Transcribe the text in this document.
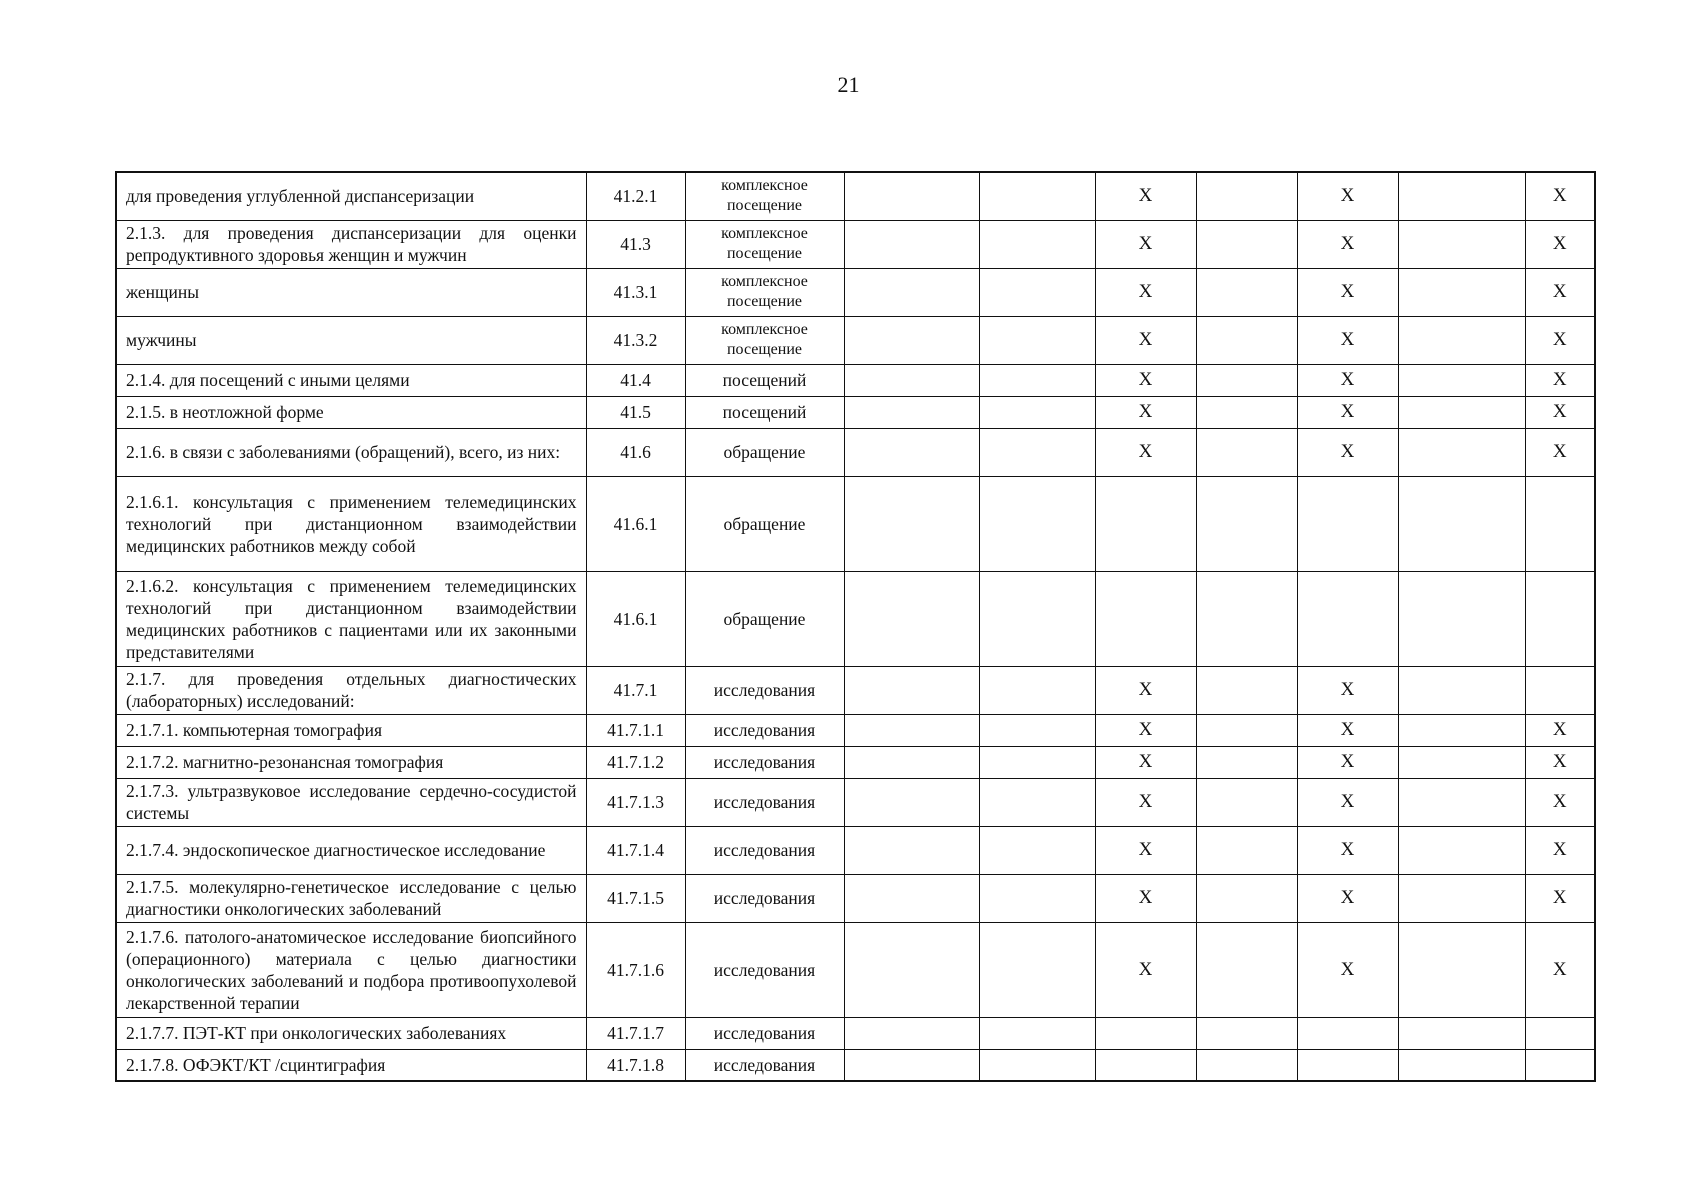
21
для проведения углубленной диспансеризации	41.2.1	комплексное посещение			X		X		X
2.1.3. для проведения диспансеризации для оценки репродуктивного здоровья женщин и мужчин	41.3	комплексное посещение			X		X		X
женщины	41.3.1	комплексное посещение			X		X		X
мужчины	41.3.2	комплексное посещение			X		X		X
2.1.4. для посещений с иными целями	41.4	посещений			X		X		X
2.1.5. в неотложной форме	41.5	посещений			X		X		X
2.1.6. в связи с заболеваниями (обращений), всего, из них:	41.6	обращение			X		X		X
2.1.6.1. консультация с применением телемедицинских технологий при дистанционном взаимодействии медицинских работников между собой	41.6.1	обращение							
2.1.6.2. консультация с применением телемедицинских технологий при дистанционном взаимодействии медицинских работников с пациентами или их законными представителями	41.6.1	обращение							
2.1.7. для проведения отдельных диагностических (лабораторных) исследований:	41.7.1	исследования			X		X		
2.1.7.1. компьютерная томография	41.7.1.1	исследования			X		X		X
2.1.7.2. магнитно-резонансная томография	41.7.1.2	исследования			X		X		X
2.1.7.3. ультразвуковое исследование сердечно-сосудистой системы	41.7.1.3	исследования			X		X		X
2.1.7.4. эндоскопическое диагностическое исследование	41.7.1.4	исследования			X		X		X
2.1.7.5. молекулярно-генетическое исследование с целью диагностики онкологических заболеваний	41.7.1.5	исследования			X		X		X
2.1.7.6. патолого-анатомическое исследование биопсийного (операционного) материала с целью диагностики онкологических заболеваний и подбора противоопухолевой лекарственной терапии	41.7.1.6	исследования			X		X		X
2.1.7.7. ПЭТ-КТ при онкологических заболеваниях	41.7.1.7	исследования							
2.1.7.8. ОФЭКТ/КТ /сцинтиграфия	41.7.1.8	исследования							
